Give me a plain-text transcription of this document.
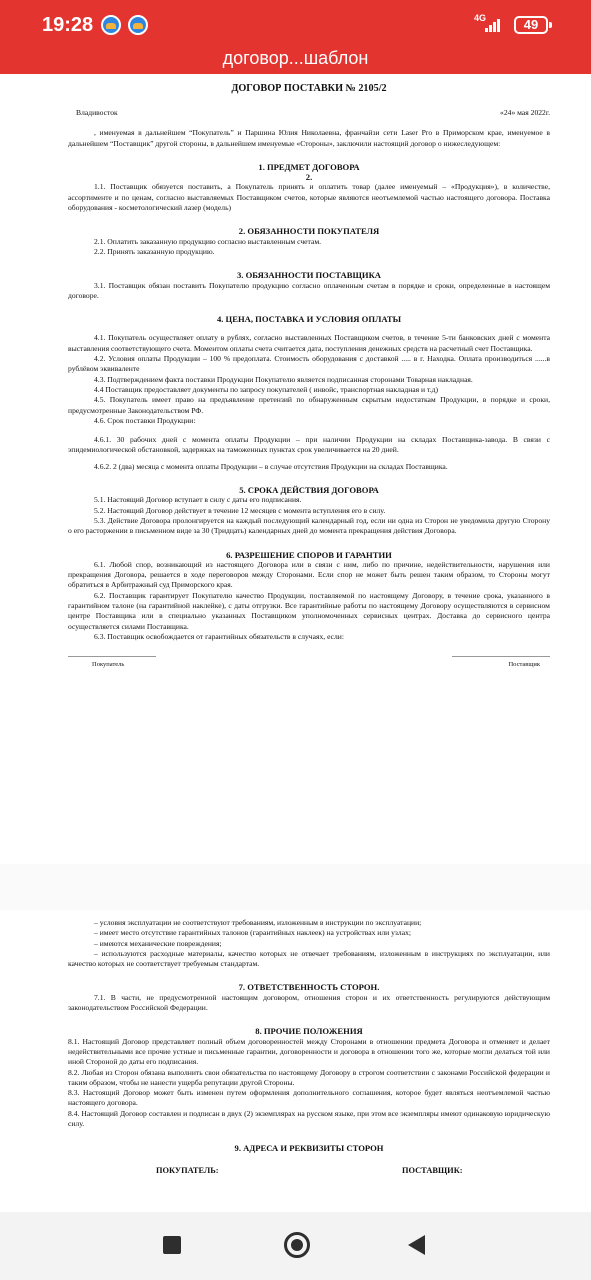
19:28	4G	49
договор...шаблон
ДОГОВОР ПОСТАВКИ № 2105/2
Владивосток	«24» мая 2022г.

, именуемая в дальнейшем “Покупатель” и Паршина Юлия Николаевна, франчайзи сети Laser Pro в Приморском крае, именуемое в дальнейшем “Поставщик” другой стороны, в дальнейшем именуемые «Стороны», заключили настоящий договор о нижеследующем:

1. ПРЕДМЕТ ДОГОВОРА

2.

1.1. Поставщик обязуется поставить, а Покупатель принять и оплатить товар (далее именуемый – «Продукция»), в количестве, ассортименте и по ценам, согласно выставляемых Поставщиком счетов, которые являются неотъемлемой частью настоящего договора. Поставка оборудования - косметологический лазер (модель)

2. ОБЯЗАННОСТИ ПОКУПАТЕЛЯ

2.1. Оплатить заказанную продукцию согласно выставленным счетам.

2.2. Принять заказанную продукцию.

3. ОБЯЗАННОСТИ ПОСТАВЩИКА

3.1. Поставщик обязан поставить Покупателю продукцию согласно оплаченным счетам в порядке и сроки, определенные в настоящем договоре.

4. ЦЕНА, ПОСТАВКА И УСЛОВИЯ ОПЛАТЫ

4.1. Покупатель осуществляет оплату в рублях, согласно выставленных Поставщиком счетов, в течение 5-ти банковских дней с момента выставления соответствующего счета. Моментом оплаты счета считается дата, поступления денежных средств на расчетный счет Поставщика.

4.2. Условия оплаты Продукции – 100 % предоплата. Стоимость оборудования с доставкой ..... в г. Находка. Оплата производиться ......в рублёвом эквиваленте

4.3. Подтверждением факта поставки Продукции Покупателю является подписанная сторонами Товарная накладная.

4.4 Поставщик предоставляет документы по запросу покупателей ( инвойс, транспортная накладная и т.д)

4.5. Покупатель имеет право на предъявление претензий по обнаруженным скрытым недостаткам Продукции, в порядке и сроки, предусмотренные Законодательством РФ.

4.6. Срок поставки Продукции:

4.6.1. 30 рабочих дней с момента оплаты Продукции – при наличии Продукции на складах Поставщика-завода. В связи с эпидемиологической обстановкой, задержках на таможенных пунктах срок увеличивается на 20 дней.

4.6.2. 2 (два) месяца с момента оплаты Продукции – в случае отсутствия Продукции на складах Поставщика.

5. СРОКА ДЕЙСТВИЯ ДОГОВОРА

5.1. Настоящий Договор вступает в силу с даты его подписания.

5.2. Настоящий Договор действует в течение 12 месяцев с момента вступления его в силу.

5.3. Действие Договора пролонгируется на каждый последующий календарный год, если ни одна из Сторон не уведомила другую Сторону о его расторжении в письменном виде за 30 (Тридцать) календарных дней до момента прекращения действия Договора.

6. РАЗРЕШЕНИЕ СПОРОВ И ГАРАНТИИ

6.1. Любой спор, возникающий из настоящего Договора или в связи с ним, либо по причине, недействительности, нарушения или прекращения Договора, решается в ходе переговоров между Сторонами. Если спор не может быть решен таким образом, то Стороны могут обратиться в Арбитражный суд Приморского края.

6.2. Поставщик гарантирует Покупателю качество Продукции, поставляемой по настоящему Договору, в течение срока, указанного в гарантийном талоне (на гарантийной наклейке), с даты отгрузки. Все гарантийные работы по настоящему Договору осуществляются в сервисном центре Поставщика или в специально указанных Поставщиком уполномоченных сервисных центрах. Доставка до сервисного центра осуществляется силами Поставщика.

6.3. Поставщик освобождается от гарантийных обязательств в случаях, если:

Покупатель	Поставщик

– условия эксплуатации не соответствуют требованиям, изложенным в инструкции по эксплуатации;

– имеет место отсутствие гарантийных талонов (гарантийных наклеек) на устройствах или узлах;

– имеются механические повреждения;

– используются расходные материалы, качество которых не отвечает требованиям, изложенным в инструкциях по эксплуатации, или качество которых не соответствует требуемым стандартам.

7. ОТВЕТСТВЕННОСТЬ СТОРОН.

7.1. В части, не предусмотренной настоящим договором, отношения сторон и их ответственность регулируются действующим законодательством Российской Федерации.

8. ПРОЧИЕ ПОЛОЖЕНИЯ

8.1. Настоящий Договор представляет полный объем договоренностей между Сторонами в отношении предмета Договора и отменяет и делает недействительными все прочие устные и письменные гарантии, договоренности и договора в отношении того же, которые могли делаться той или иной Стороной до даты его подписания.

8.2. Любая из Сторон обязана выполнить свои обязательства по настоящему Договору в строгом соответствии с законами Российской федерации и таким образом, чтобы не нанести ущерба репутации другой Стороны.

8.3. Настоящий Договор может быть изменен путем оформления дополнительного соглашения, которое будет являться неотъемлемой частью настоящего договора.

8.4. Настоящий Договор составлен и подписан в двух (2) экземплярах на русском языке, при этом все экземпляры имеют одинаковую юридическую силу.

9. АДРЕСА И РЕКВИЗИТЫ СТОРОН

ПОКУПАТЕЛЬ:	ПОСТАВЩИК:
